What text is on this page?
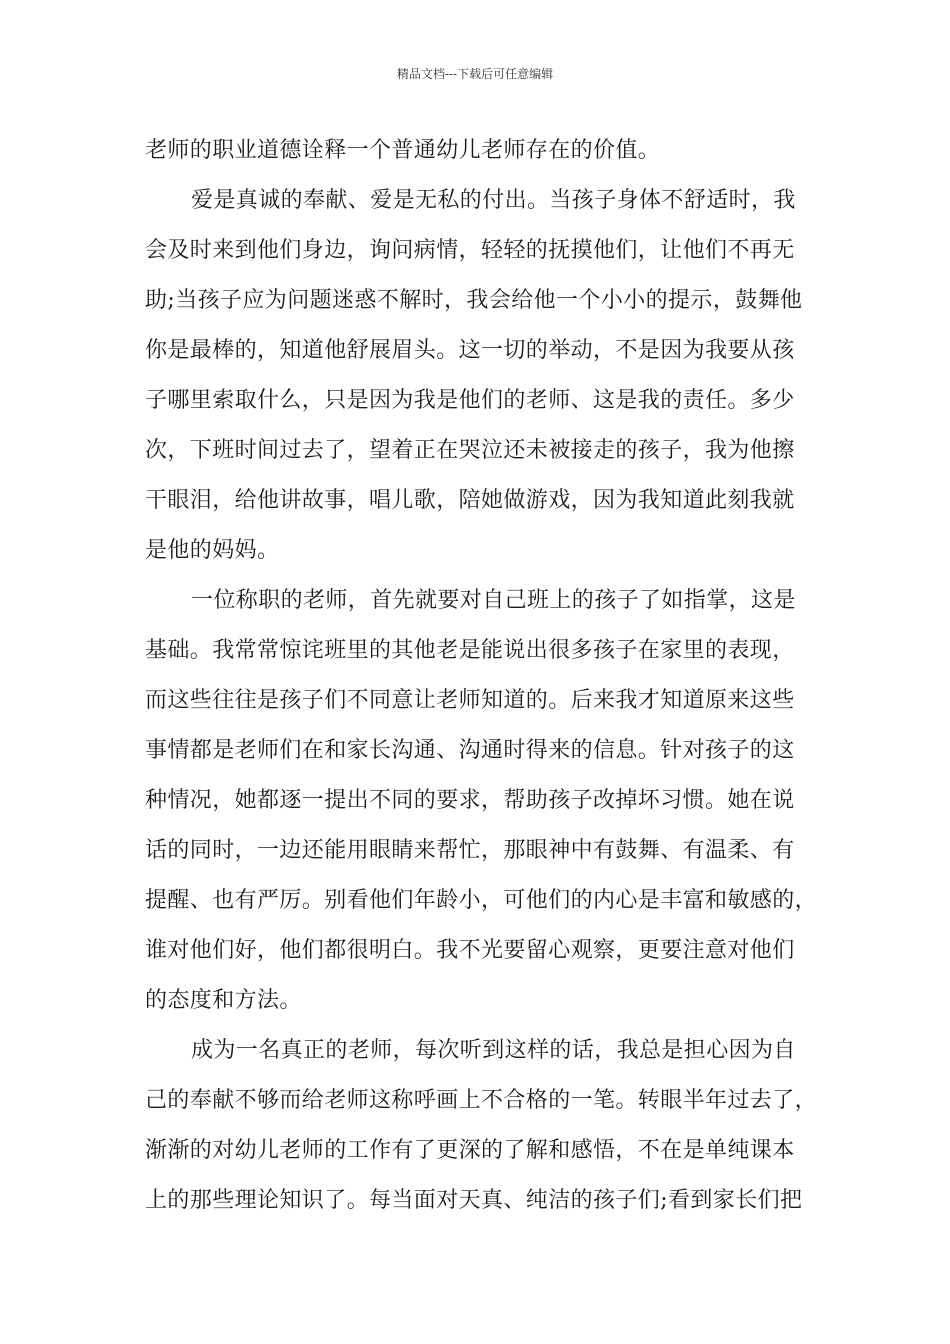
精品文档---下载后可任意编辑
老师的职业道德诠释一个普通幼儿老师存在的价值。
爱是真诚的奉献、爱是无私的付出。当孩子身体不舒适时，我
会及时来到他们身边，询问病情，轻轻的抚摸他们，让他们不再无
助;当孩子应为问题迷惑不解时，我会给他一个小小的提示，鼓舞他
你是最棒的，知道他舒展眉头。这一切的举动，不是因为我要从孩
子哪里索取什么，只是因为我是他们的老师、这是我的责任。多少
次，下班时间过去了，望着正在哭泣还未被接走的孩子，我为他擦
干眼泪，给他讲故事，唱儿歌，陪她做游戏，因为我知道此刻我就
是他的妈妈。
一位称职的老师，首先就要对自己班上的孩子了如指掌，这是
基础。我常常惊诧班里的其他老是能说出很多孩子在家里的表现，
而这些往往是孩子们不同意让老师知道的。后来我才知道原来这些
事情都是老师们在和家长沟通、沟通时得来的信息。针对孩子的这
种情况，她都逐一提出不同的要求，帮助孩子改掉坏习惯。她在说
话的同时，一边还能用眼睛来帮忙，那眼神中有鼓舞、有温柔、有
提醒、也有严厉。别看他们年龄小，可他们的内心是丰富和敏感的，
谁对他们好，他们都很明白。我不光要留心观察，更要注意对他们
的态度和方法。
成为一名真正的老师，每次听到这样的话，我总是担心因为自
己的奉献不够而给老师这称呼画上不合格的一笔。转眼半年过去了，
渐渐的对幼儿老师的工作有了更深的了解和感悟，不在是单纯课本
上的那些理论知识了。每当面对天真、纯洁的孩子们;看到家长们把
